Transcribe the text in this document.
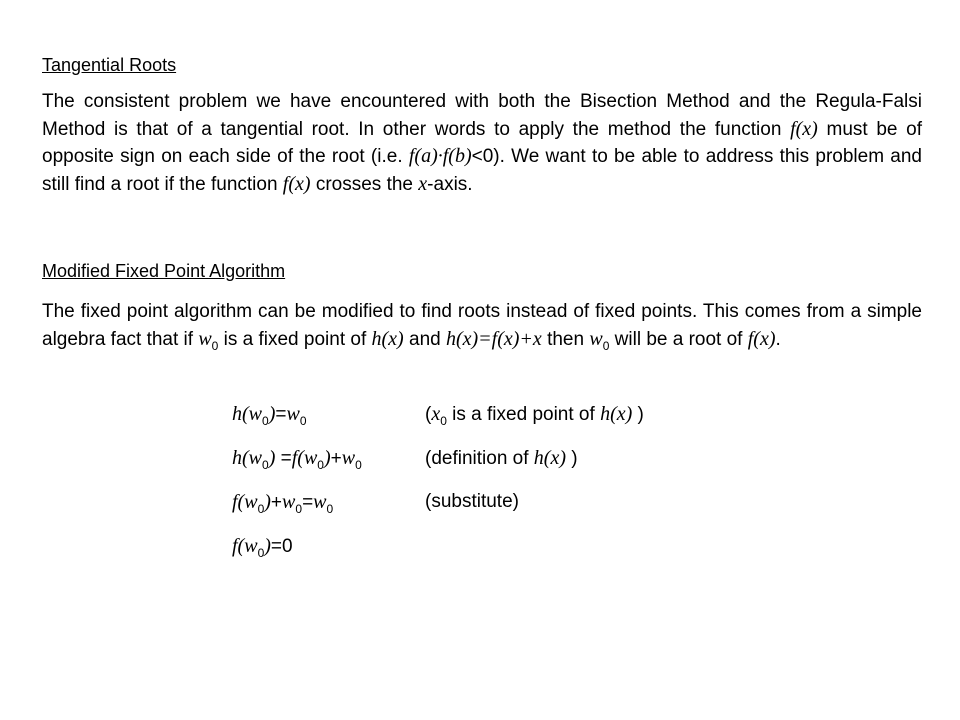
Tangential Roots

The consistent problem we have encountered with both the Bisection Method and the Regula-Falsi Method is that of a tangential root. In other words to apply the method the function f(x) must be of opposite sign on each side of the root (i.e. f(a)·f(b)<0). We want to be able to address this problem and still find a root if the function f(x) crosses the x-axis.

Modified Fixed Point Algorithm

The fixed point algorithm can be modified to find roots instead of fixed points. This comes from a simple algebra fact that if $w_0$ is a fixed point of h(x) and h(x)=f(x)+x then $w_0$ will be a root of f(x).

$h(w_0)=w_0$	($x_0$ is a fixed point of h(x) )
$h(w_0) =f(w_0)+w_0$	(definition of h(x) )
$f(w_0)+w_0=w_0$	(substitute)
$f(w_0)=0$
